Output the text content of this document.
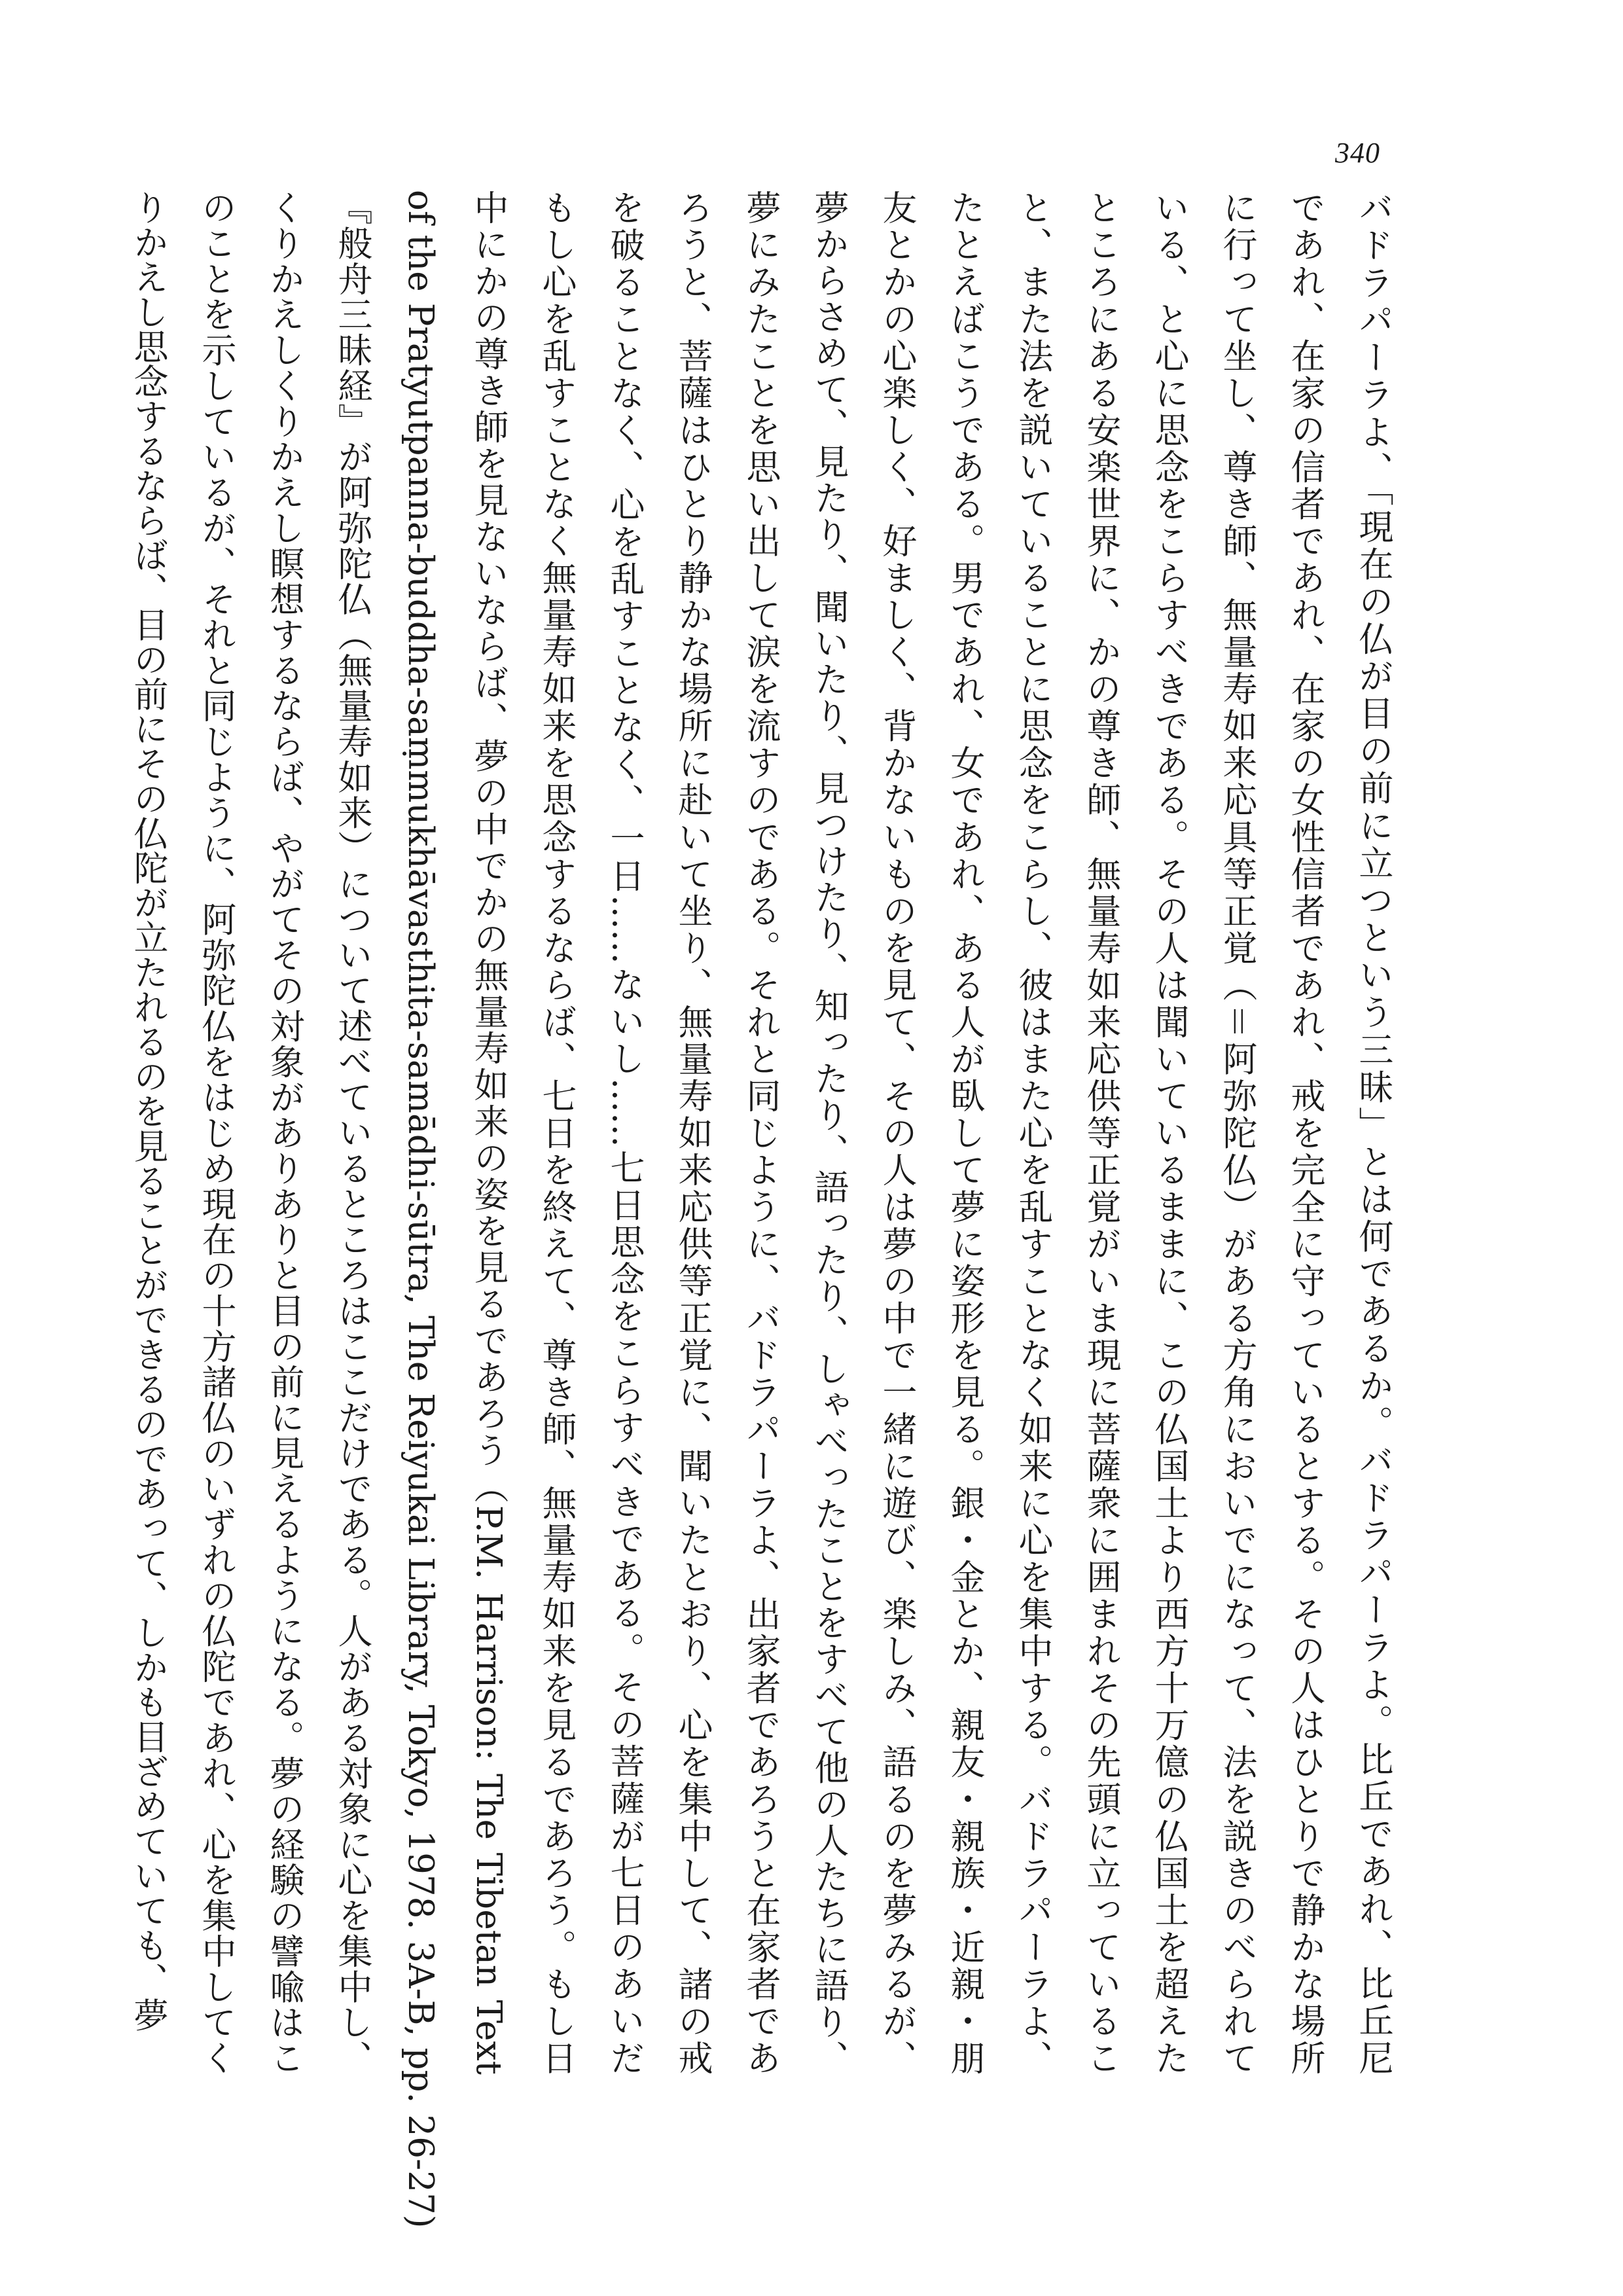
340
バドラパーラよ、「現在の仏が目の前に立つという三昧」とは何であるか。バドラパーラよ。比丘であれ、比丘尼
であれ、在家の信者であれ、在家の女性信者であれ、戒を完全に守っているとする。その人はひとりで静かな場所
に行って坐し、尊き師、無量寿如来応具等正覚（＝阿弥陀仏）がある方角においでになって、法を説きのべられて
いる、と心に思念をこらすべきである。その人は聞いているままに、この仏国土より西方十万億の仏国土を超えた
ところにある安楽世界に、かの尊き師、無量寿如来応供等正覚がいま現に菩薩衆に囲まれその先頭に立っているこ
と、また法を説いていることに思念をこらし、彼はまた心を乱すことなく如来に心を集中する。バドラパーラよ、
たとえばこうである。男であれ、女であれ、ある人が臥して夢に姿形を見る。銀・金とか、親友・親族・近親・朋
友とかの心楽しく、好ましく、背かないものを見て、その人は夢の中で一緒に遊び、楽しみ、語るのを夢みるが、
夢からさめて、見たり、聞いたり、見つけたり、知ったり、語ったり、しゃべったことをすべて他の人たちに語り、
夢にみたことを思い出して涙を流すのである。それと同じように、バドラパーラよ、出家者であろうと在家者であ
ろうと、菩薩はひとり静かな場所に赴いて坐り、無量寿如来応供等正覚に、聞いたとおり、心を集中して、諸の戒
を破ることなく、心を乱すことなく、一日……ないし……七日思念をこらすべきである。その菩薩が七日のあいだ
もし心を乱すことなく無量寿如来を思念するならば、七日を終えて、尊き師、無量寿如来を見るであろう。もし日
中にかの尊き師を見ないならば、夢の中でかの無量寿如来の姿を見るであろう（P.M. Harrison: The Tibetan Text
of the Pratyutpanna-buddha-saṃmukhāvasthita-samādhi-sūtra, The Reiyukai Library, Tokyo, 1978. 3A-B, pp. 26-27)
『般舟三昧経』が阿弥陀仏（無量寿如来）について述べているところはここだけである。人がある対象に心を集中し、
くりかえしくりかえし瞑想するならば、やがてその対象がありありと目の前に見えるようになる。夢の経験の譬喩はこ
のことを示しているが、それと同じように、阿弥陀仏をはじめ現在の十方諸仏のいずれの仏陀であれ、心を集中してく
りかえし思念するならば、目の前にその仏陀が立たれるのを見ることができるのであって、しかも目ざめていても、夢
